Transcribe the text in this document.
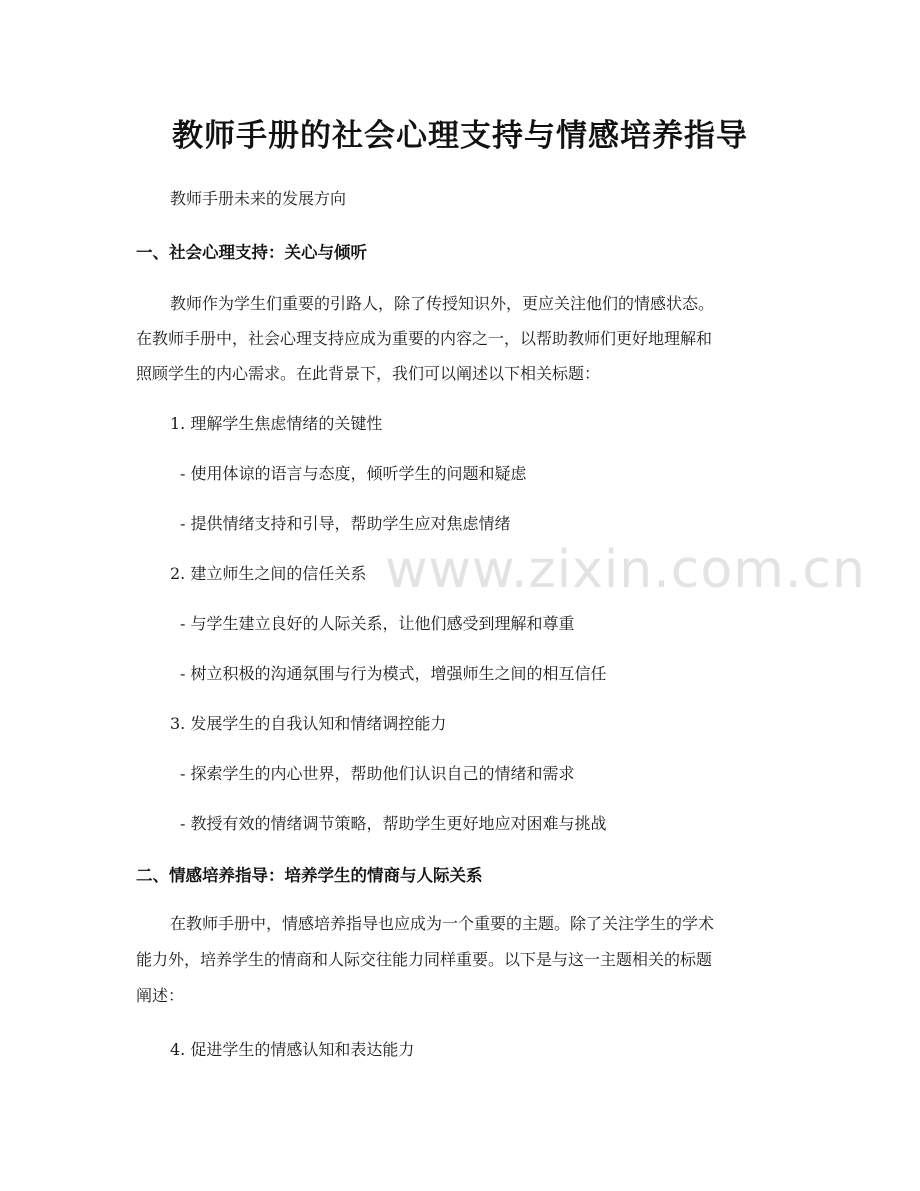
www.zixin.com.cn
教师手册的社会心理支持与情感培养指导
教师手册未来的发展方向
一、社会心理支持：关心与倾听
教师作为学生们重要的引路人，除了传授知识外，更应关注他们的情感状态。
在教师手册中，社会心理支持应成为重要的内容之一，以帮助教师们更好地理解和
照顾学生的内心需求。在此背景下，我们可以阐述以下相关标题：
1. 理解学生焦虑情绪的关键性
- 使用体谅的语言与态度，倾听学生的问题和疑虑
- 提供情绪支持和引导，帮助学生应对焦虑情绪
2. 建立师生之间的信任关系
- 与学生建立良好的人际关系，让他们感受到理解和尊重
- 树立积极的沟通氛围与行为模式，增强师生之间的相互信任
3. 发展学生的自我认知和情绪调控能力
- 探索学生的内心世界，帮助他们认识自己的情绪和需求
- 教授有效的情绪调节策略，帮助学生更好地应对困难与挑战
二、情感培养指导：培养学生的情商与人际关系
在教师手册中，情感培养指导也应成为一个重要的主题。除了关注学生的学术
能力外，培养学生的情商和人际交往能力同样重要。以下是与这一主题相关的标题
阐述：
4. 促进学生的情感认知和表达能力
